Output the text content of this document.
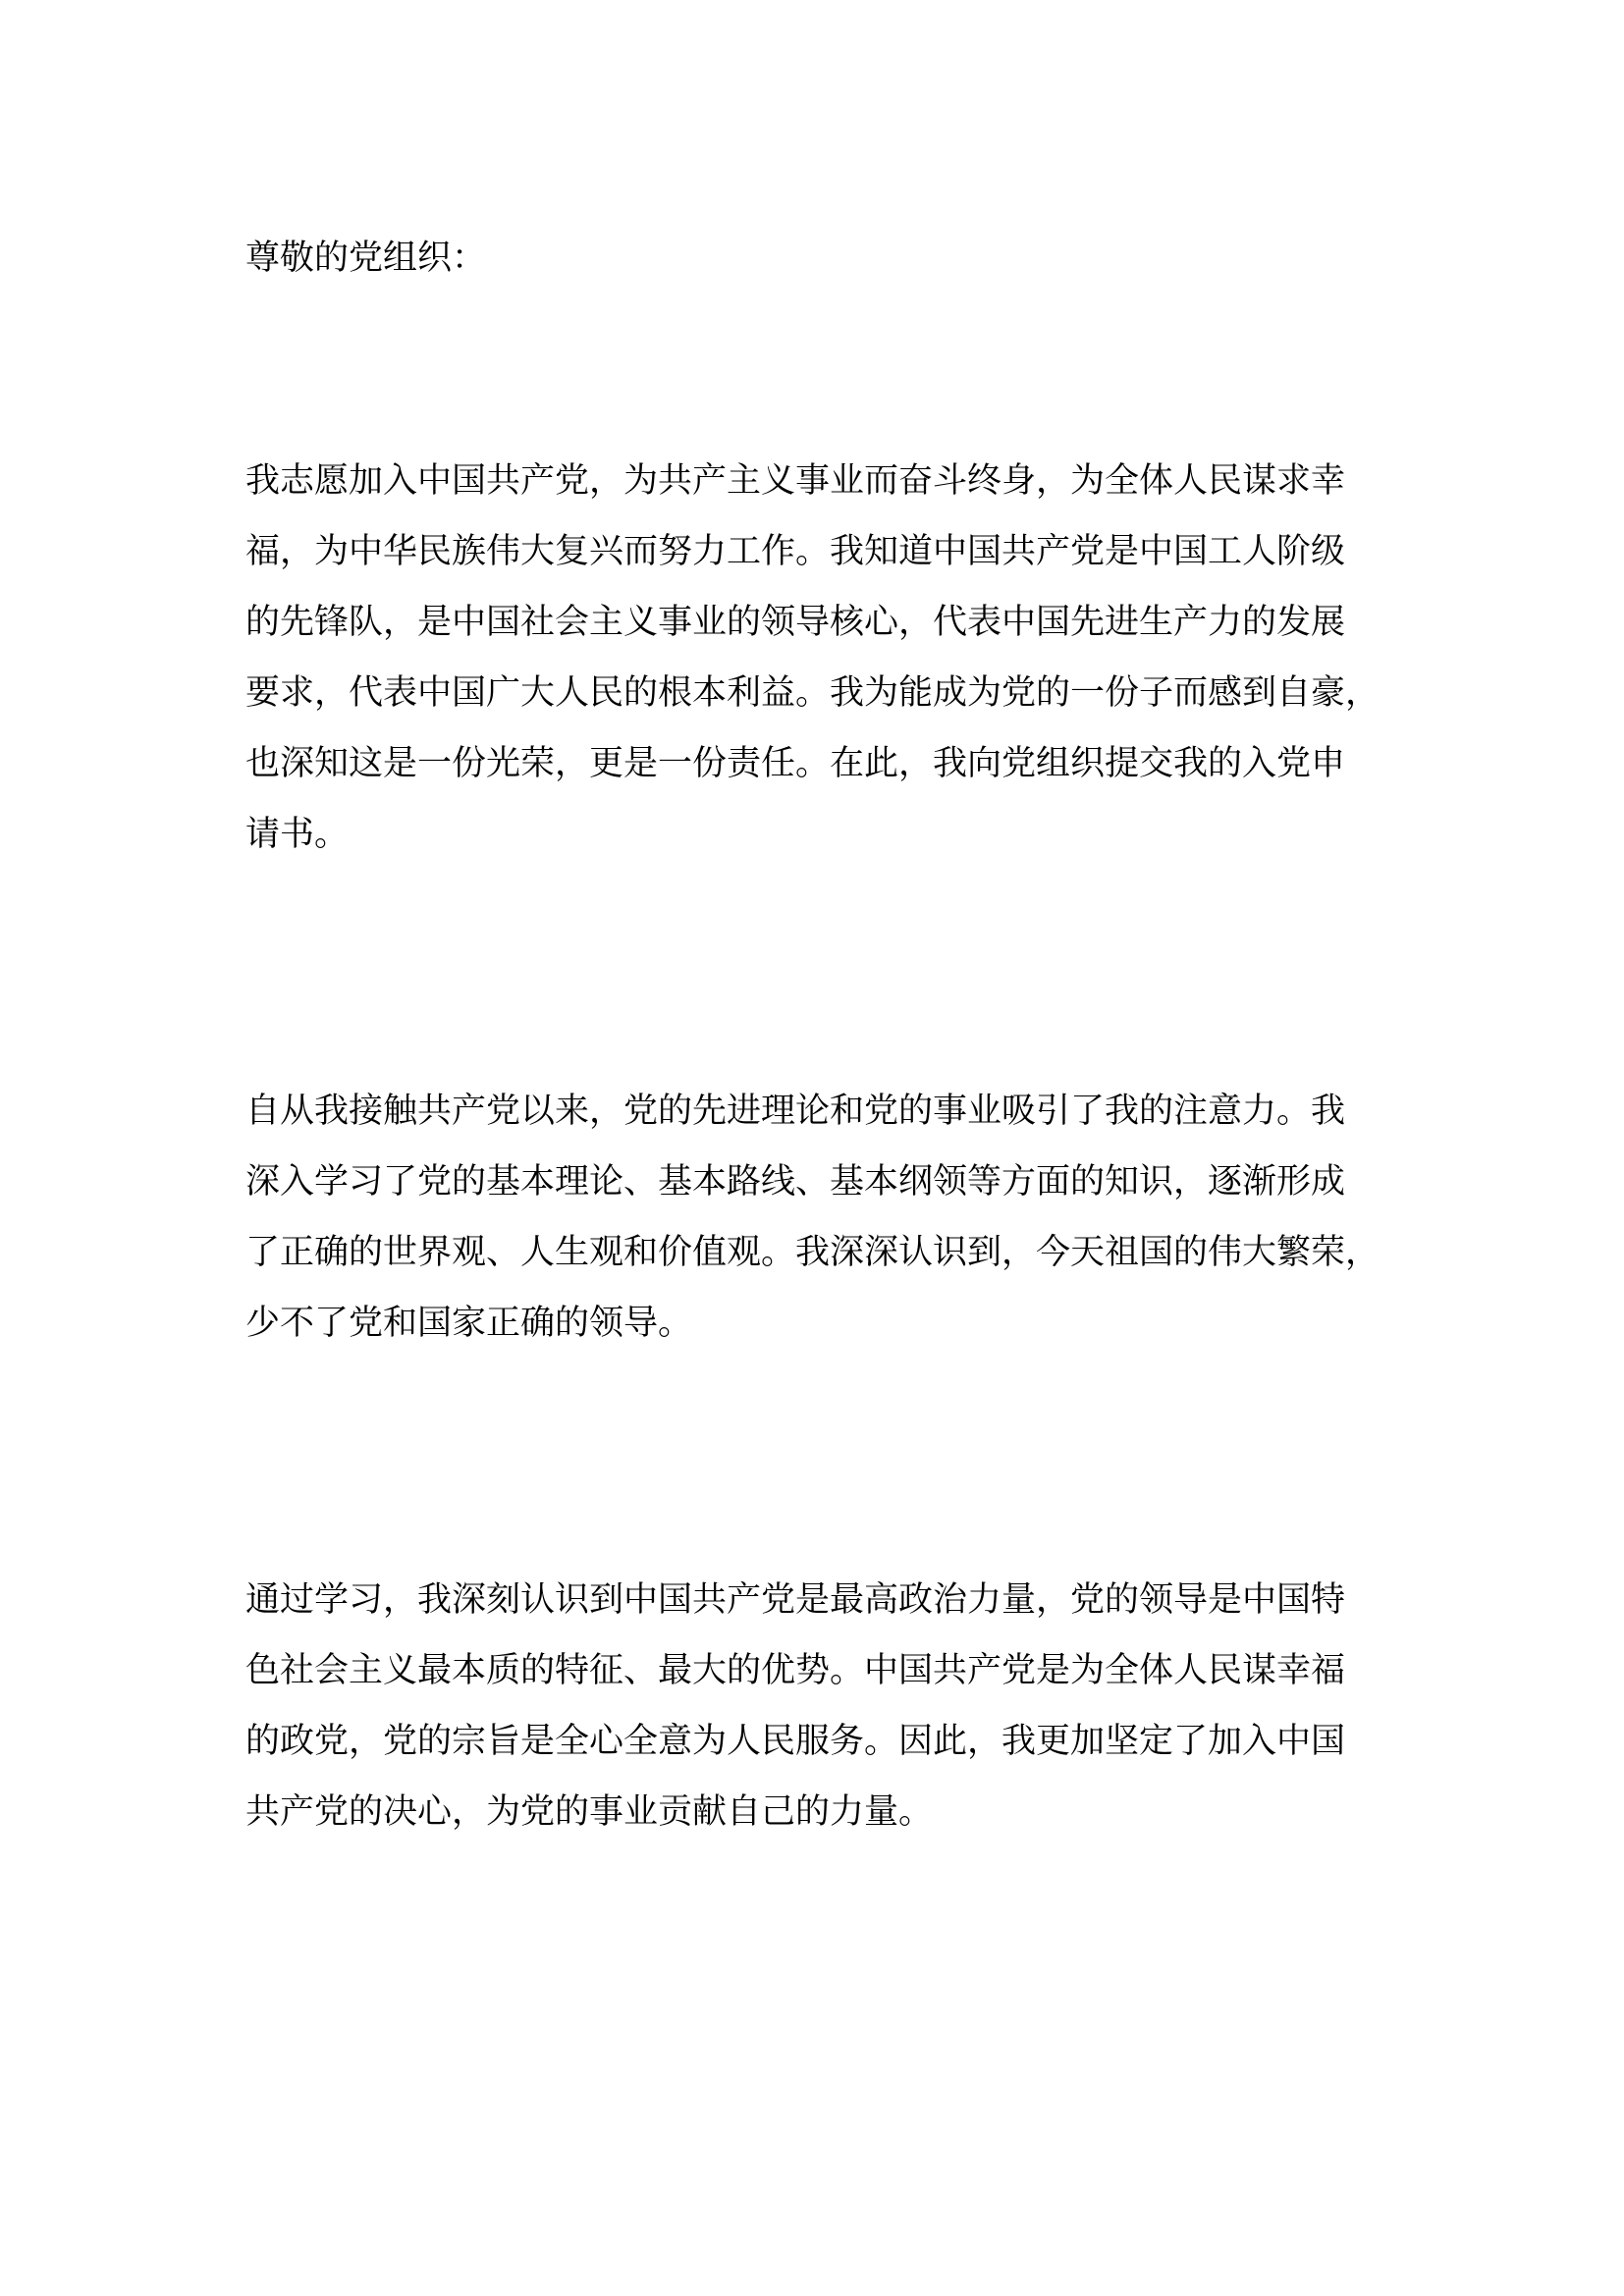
尊敬的党组织：

我志愿加入中国共产党，为共产主义事业而奋斗终身，为全体人民谋求幸
福，为中华民族伟大复兴而努力工作。我知道中国共产党是中国工人阶级
的先锋队，是中国社会主义事业的领导核心，代表中国先进生产力的发展
要求，代表中国广大人民的根本利益。我为能成为党的一份子而感到自豪，
也深知这是一份光荣，更是一份责任。在此，我向党组织提交我的入党申
请书。

自从我接触共产党以来，党的先进理论和党的事业吸引了我的注意力。我
深入学习了党的基本理论、基本路线、基本纲领等方面的知识，逐渐形成
了正确的世界观、人生观和价值观。我深深认识到，今天祖国的伟大繁荣，
少不了党和国家正确的领导。

通过学习，我深刻认识到中国共产党是最高政治力量，党的领导是中国特
色社会主义最本质的特征、最大的优势。中国共产党是为全体人民谋幸福
的政党，党的宗旨是全心全意为人民服务。因此，我更加坚定了加入中国
共产党的决心，为党的事业贡献自己的力量。
